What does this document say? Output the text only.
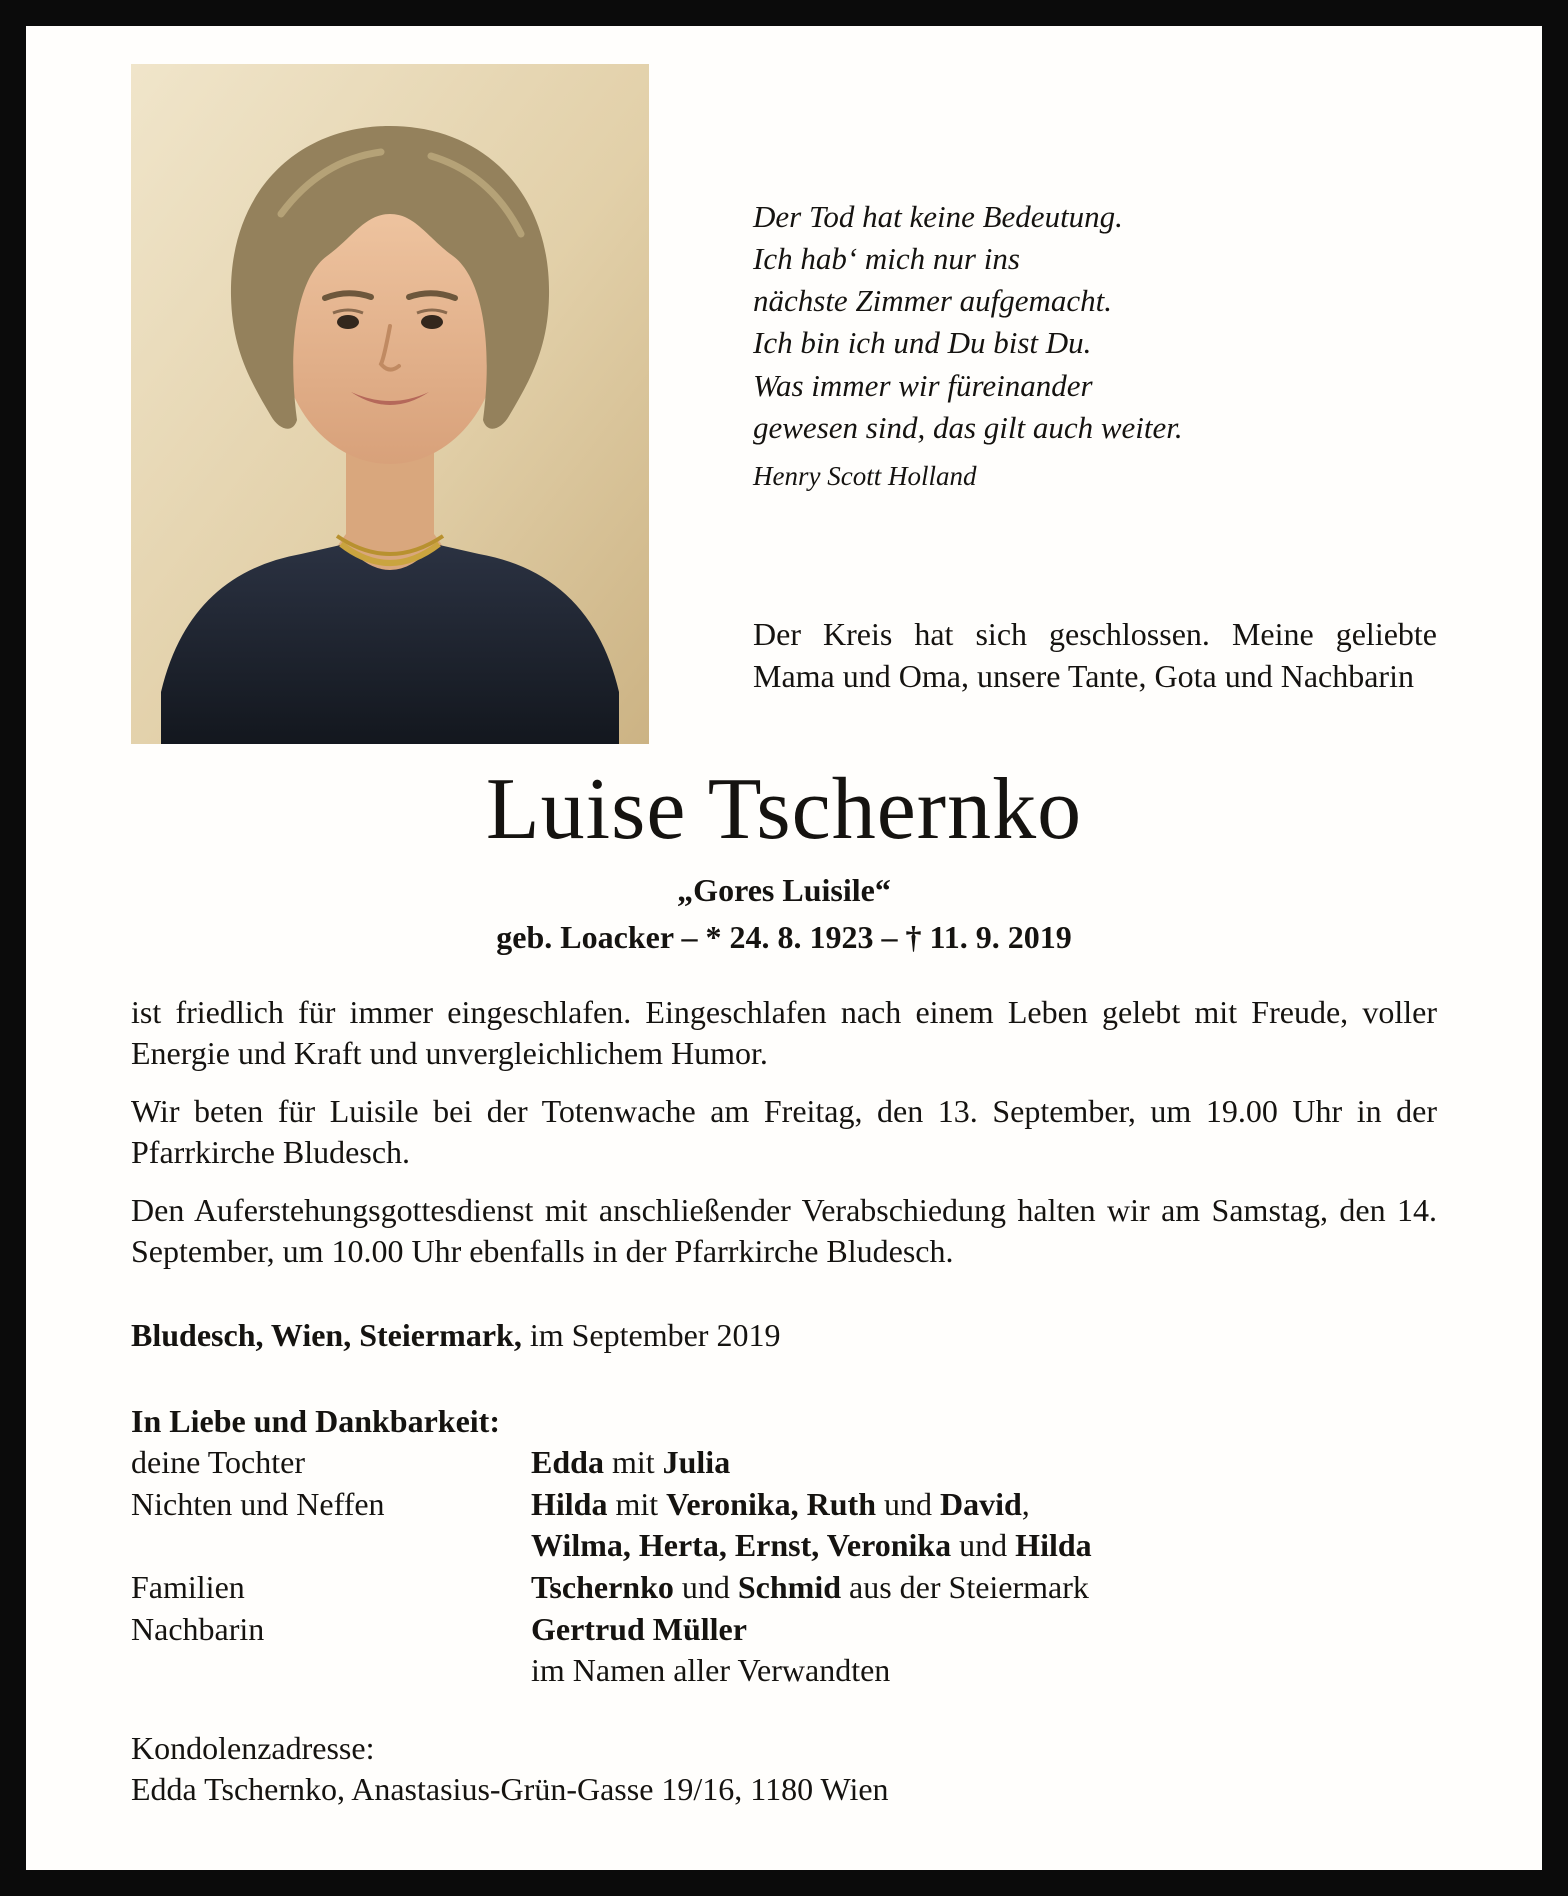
Der Tod hat keine Bedeutung.
Ich hab‘ mich nur ins
nächste Zimmer aufgemacht.
Ich bin ich und Du bist Du.
Was immer wir füreinander
gewesen sind, das gilt auch weiter.
Henry Scott Holland

Der Kreis hat sich geschlossen. Meine geliebte Mama und Oma, unsere Tante, Gota und Nachbarin

Luise Tschernko
„Gores Luisile“
geb. Loacker – * 24. 8. 1923 – † 11. 9. 2019

ist friedlich für immer eingeschlafen. Eingeschlafen nach einem Leben gelebt mit Freude, voller Energie und Kraft und unvergleichlichem Humor.

Wir beten für Luisile bei der Totenwache am Freitag, den 13. September, um 19.00 Uhr in der Pfarrkirche Bludesch.

Den Auferstehungsgottesdienst mit anschließender Verabschiedung halten wir am Samstag, den 14. September, um 10.00 Uhr ebenfalls in der Pfarrkirche Bludesch.

Bludesch, Wien, Steiermark, im September 2019

In Liebe und Dankbarkeit:
deine Tochter	Edda mit Julia
Nichten und Neffen	Hilda mit Veronika, Ruth und David,
Wilma, Herta, Ernst, Veronika und Hilda
Familien	Tschernko und Schmid aus der Steiermark
Nachbarin	Gertrud Müller
im Namen aller Verwandten
Kondolenzadresse:
Edda Tschernko, Anastasius-Grün-Gasse 19/16, 1180 Wien
